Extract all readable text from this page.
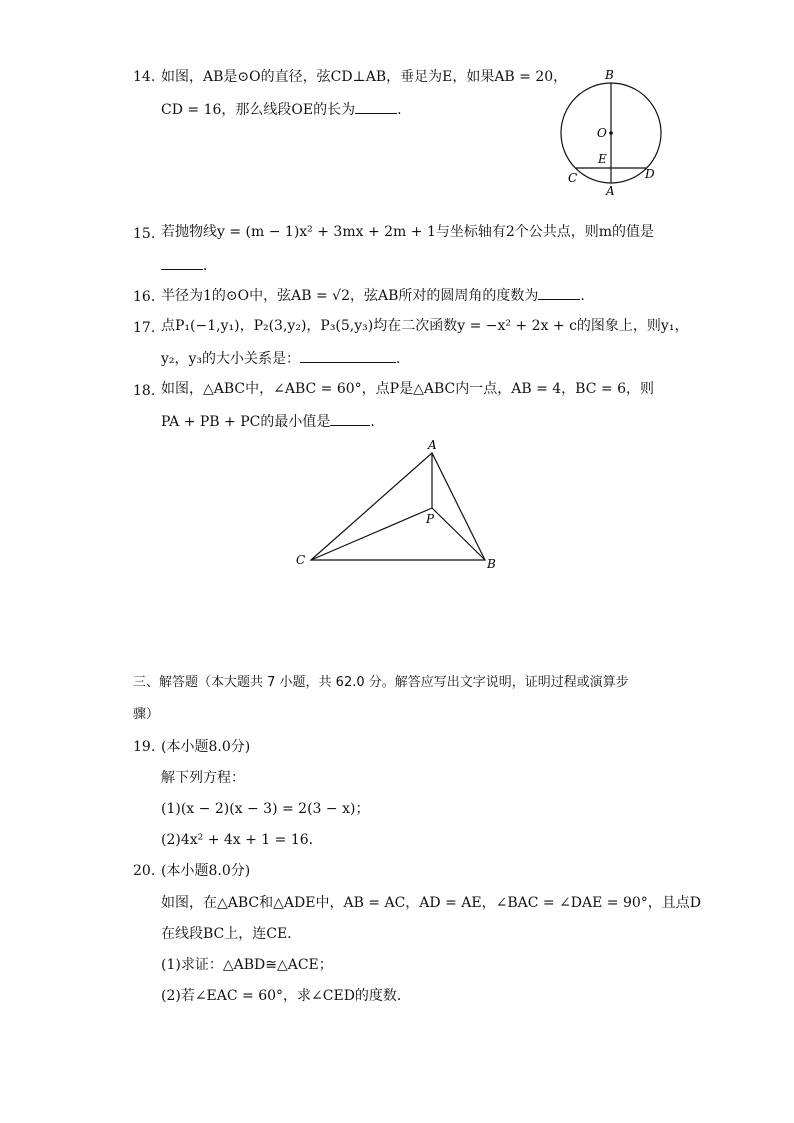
14. 如图，AB是⊙O的直径，弦CD⊥AB，垂足为E，如果AB = 20，
CD = 16，那么线段OE的长为	．
B
O
E
C	D
A
15. 若抛物线y = (m − 1)x² + 3mx + 2m + 1与坐标轴有2个公共点，则m的值是
．
16. 半径为1的⊙O中，弦AB = √2，弦AB所对的圆周角的度数为	．
17. 点P₁(−1,y₁)，P₂(3,y₂)，P₃(5,y₃)均在二次函数y = −x² + 2x + c的图象上，则y₁，
y₂，y₃的大小关系是：	．
18. 如图，△ABC中，∠ABC = 60°，点P是△ABC内一点，AB = 4，BC = 6，则
PA + PB + PC的最小值是	．
A
P
C	B
三、解答题（本大题共 7 小题，共 62.0 分。解答应写出文字说明，证明过程或演算步
骤）
19. (本小题8.0分)
解下列方程：
(1)(x − 2)(x − 3) = 2(3 − x)；
(2)4x² + 4x + 1 = 16．
20. (本小题8.0分)
如图，在△ABC和△ADE中，AB = AC，AD = AE，∠BAC = ∠DAE = 90°，且点D
在线段BC上，连CE．
(1)求证：△ABD≅△ACE；
(2)若∠EAC = 60°，求∠CED的度数．
